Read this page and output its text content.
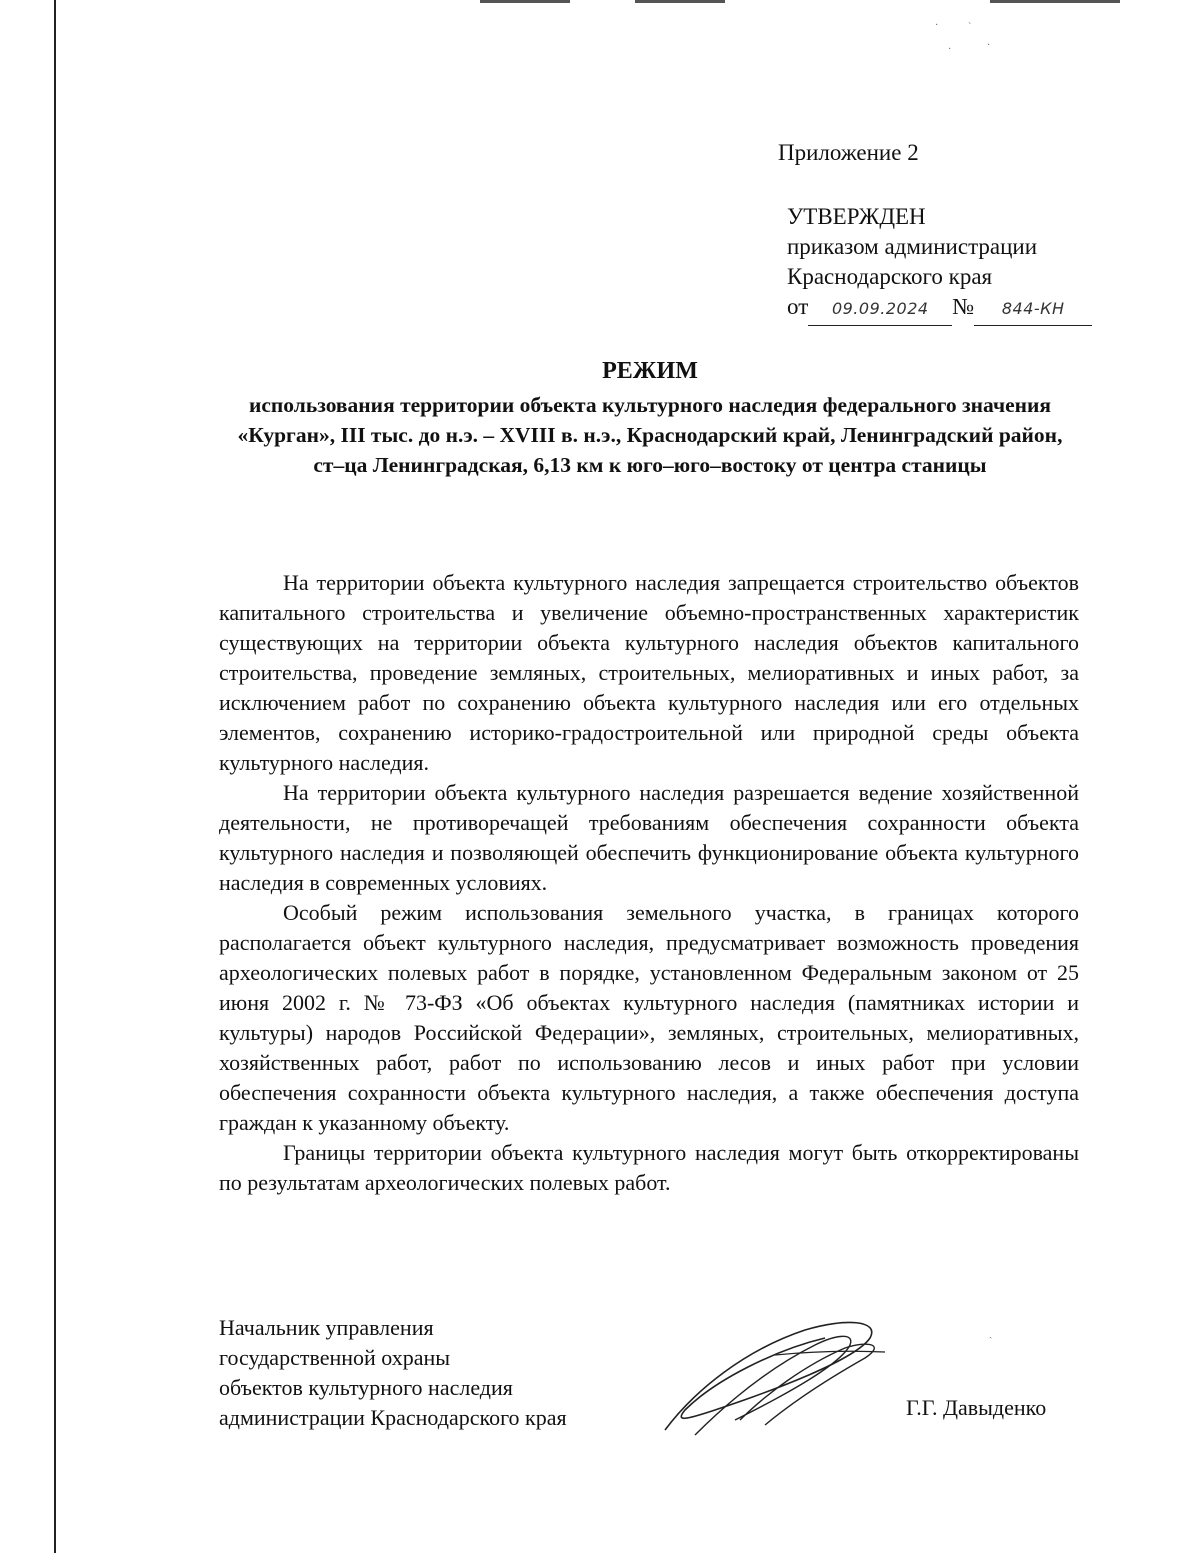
·	ˋ
·
·
ˎ
Приложение 2
УТВЕРЖДЕН
приказом администрации
Краснодарского края
от 09.09.2024 № 844-КН
РЕЖИМ
использования территории объекта культурного наследия федерального значения «Курган», III тыс. до н.э. – XVIII в. н.э., Краснодарский край, Ленинградский район, ст–ца Ленинградская, 6,13 км к юго–юго–востоку от центра станицы

На территории объекта культурного наследия запрещается строительство объектов капитального строительства и увеличение объемно-пространственных характеристик существующих на территории объекта культурного наследия объектов капитального строительства, проведение земляных, строительных, мелиоративных и иных работ, за исключением работ по сохранению объекта культурного наследия или его отдельных элементов, сохранению историко-градостроительной или природной среды объекта культурного наследия.

На территории объекта культурного наследия разрешается ведение хозяйственной деятельности, не противоречащей требованиям обеспечения сохранности объекта культурного наследия и позволяющей обеспечить функционирование объекта культурного наследия в современных условиях.

Особый режим использования земельного участка, в границах которого располагается объект культурного наследия, предусматривает возможность проведения археологических полевых работ в порядке, установленном Федеральным законом от 25 июня 2002 г. № 73-ФЗ «Об объектах культурного наследия (памятниках истории и культуры) народов Российской Федерации», земляных, строительных, мелиоративных, хозяйственных работ, работ по использованию лесов и иных работ при условии обеспечения сохранности объекта культурного наследия, а также обеспечения доступа граждан к указанному объекту.

Границы территории объекта культурного наследия могут быть откорректированы по результатам археологических полевых работ.

Начальник управления
государственной охраны
объектов культурного наследия
администрации Краснодарского края	Г.Г. Давыденко
